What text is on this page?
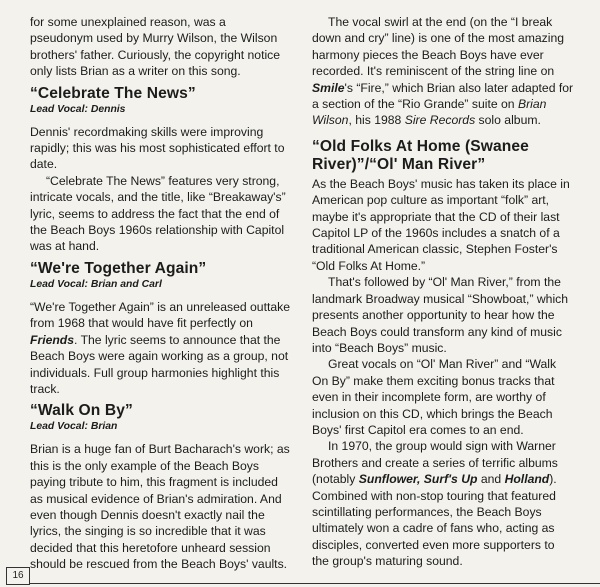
for some unexplained reason, was a pseudonym used by Murry Wilson, the Wilson brothers' father. Curiously, the copyright notice only lists Brian as a writer on this song.

“Celebrate The News”
Lead Vocal: Dennis

Dennis' recordmaking skills were improving rapidly; this was his most sophisticated effort to date.

“Celebrate The News” features very strong, intricate vocals, and the title, like “Breakaway's” lyric, seems to address the fact that the end of the Beach Boys 1960s relationship with Capitol was at hand.

“We're Together Again”
Lead Vocal: Brian and Carl

“We're Together Again” is an unreleased outtake from 1968 that would have fit perfectly on Friends. The lyric seems to announce that the Beach Boys were again working as a group, not individuals. Full group harmonies highlight this track.

“Walk On By”
Lead Vocal: Brian

Brian is a huge fan of Burt Bacharach's work; as this is the only example of the Beach Boys paying tribute to him, this fragment is included as musical evidence of Brian's admiration. And even though Dennis doesn't exactly nail the lyrics, the singing is so incredible that it was decided that this heretofore unheard session should be rescued from the Beach Boys' vaults.

The vocal swirl at the end (on the “I break down and cry” line) is one of the most amazing harmony pieces the Beach Boys have ever recorded. It's reminiscent of the string line on Smile's “Fire,” which Brian also later adapted for a section of the “Rio Grande” suite on Brian Wilson, his 1988 Sire Records solo album.

“Old Folks At Home (Swanee River)”/“Ol' Man River”

As the Beach Boys' music has taken its place in American pop culture as important “folk” art, maybe it's appropriate that the CD of their last Capitol LP of the 1960s includes a snatch of a traditional American classic, Stephen Foster's “Old Folks At Home.”

That's followed by “Ol' Man River,” from the landmark Broadway musical “Showboat,” which presents another opportunity to hear how the Beach Boys could transform any kind of music into “Beach Boys” music.

Great vocals on “Ol' Man River” and “Walk On By” make them exciting bonus tracks that even in their incomplete form, are worthy of inclusion on this CD, which brings the Beach Boys' first Capitol era comes to an end.

In 1970, the group would sign with Warner Brothers and create a series of terrific albums (notably Sunflower, Surf's Up and Holland). Combined with non-stop touring that featured scintillating performances, the Beach Boys ultimately won a cadre of fans who, acting as disciples, converted even more supporters to the group's maturing sound.

16
